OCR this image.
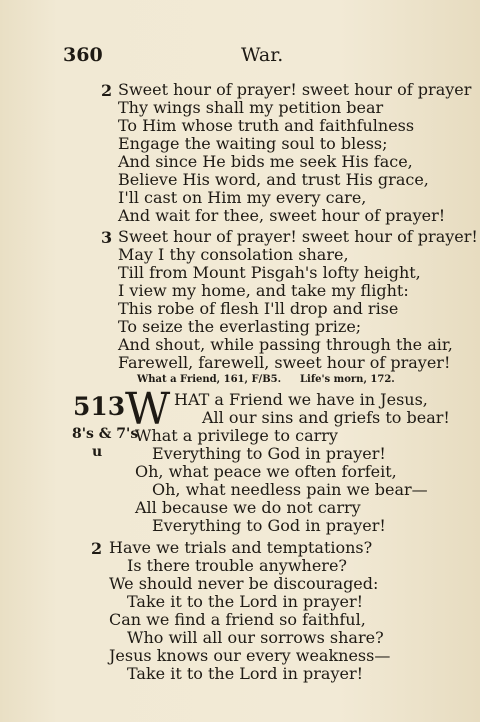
360	War.
2 Sweet hour of prayer! sweet hour of prayer
Thy wings shall my petition bear
To Him whose truth and faithfulness
Engage the waiting soul to bless;
And since He bids me seek His face,
Believe His word, and trust His grace,
I'll cast on Him my every care,
And wait for thee, sweet hour of prayer!
3 Sweet hour of prayer! sweet hour of prayer!
May I thy consolation share,
Till from Mount Pisgah's lofty height,
I view my home, and take my flight:
This robe of flesh I'll drop and rise
To seize the everlasting prize;
And shout, while passing through the air,
Farewell, farewell, sweet hour of prayer!
What a Friend, 161, F/B5. Life's morn, 172.
513
8's & 7's
u
W HAT a Friend we have in Jesus,
All our sins and griefs to bear!
What a privilege to carry
Everything to God in prayer!
Oh, what peace we often forfeit,
Oh, what needless pain we bear—
All because we do not carry
Everything to God in prayer!
2 Have we trials and temptations?
Is there trouble anywhere?
We should never be discouraged:
Take it to the Lord in prayer!
Can we find a friend so faithful,
Who will all our sorrows share?
Jesus knows our every weakness—
Take it to the Lord in prayer!
